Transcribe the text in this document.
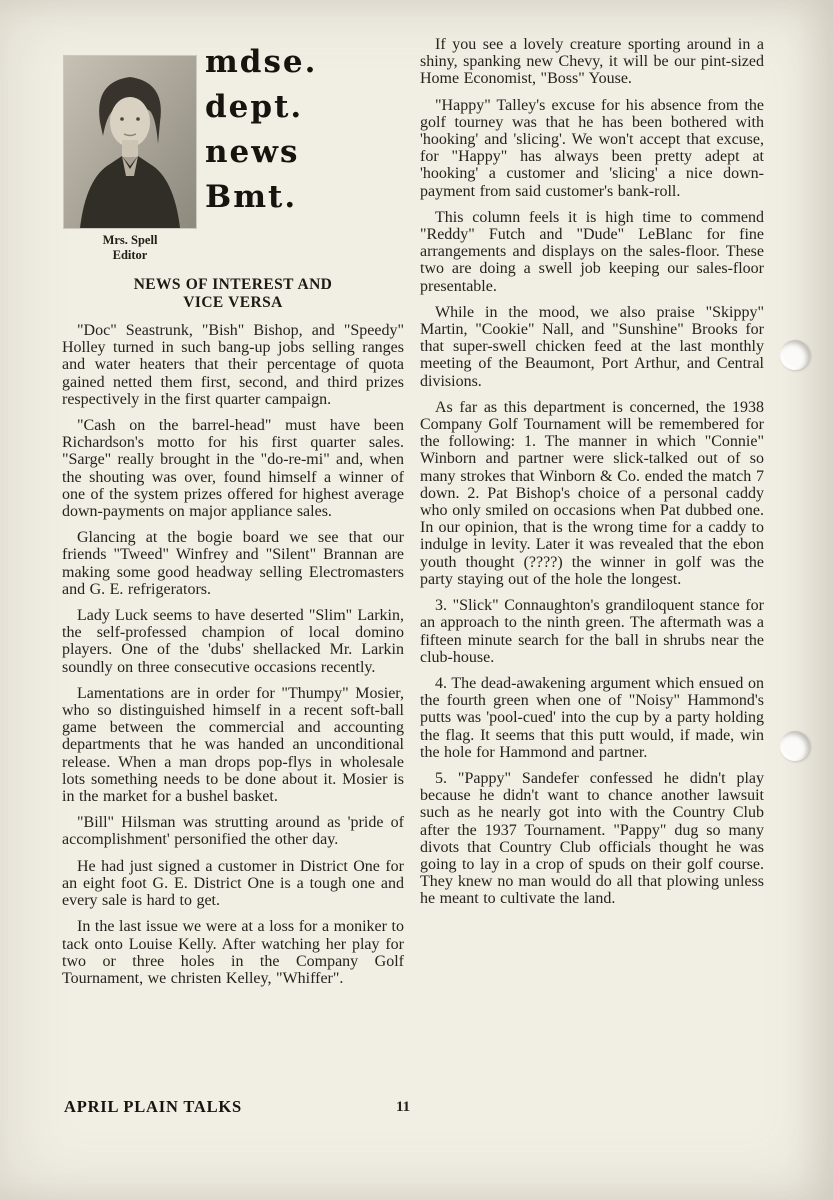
mdse.
dept.
news
Bmt.
Mrs. Spell
Editor
NEWS OF INTEREST AND
VICE VERSA

"Doc" Seastrunk, "Bish" Bishop, and "Speedy" Holley turned in such bang-up jobs selling ranges and water heaters that their percentage of quota gained netted them first, second, and third prizes respectively in the first quarter campaign.

"Cash on the barrel-head" must have been Richardson's motto for his first quarter sales. "Sarge" really brought in the "do-re-mi" and, when the shouting was over, found himself a winner of one of the system prizes offered for highest average down-payments on major appliance sales.

Glancing at the bogie board we see that our friends "Tweed" Winfrey and "Silent" Brannan are making some good headway selling Electromasters and G. E. refrigerators.

Lady Luck seems to have deserted "Slim" Larkin, the self-professed champion of local domino players. One of the 'dubs' shellacked Mr. Larkin soundly on three consecutive occasions recently.

Lamentations are in order for "Thumpy" Mosier, who so distinguished himself in a recent soft-ball game between the commercial and accounting departments that he was handed an unconditional release. When a man drops pop-flys in wholesale lots something needs to be done about it. Mosier is in the market for a bushel basket.

"Bill" Hilsman was strutting around as 'pride of accomplishment' personified the other day.

He had just signed a customer in District One for an eight foot G. E. District One is a tough one and every sale is hard to get.

In the last issue we were at a loss for a moniker to tack onto Louise Kelly. After watching her play for two or three holes in the Company Golf Tournament, we christen Kelley, "Whiffer".

If you see a lovely creature sporting around in a shiny, spanking new Chevy, it will be our pint-sized Home Economist, "Boss" Youse.

"Happy" Talley's excuse for his absence from the golf tourney was that he has been bothered with 'hooking' and 'slicing'. We won't accept that excuse, for "Happy" has always been pretty adept at 'hooking' a customer and 'slicing' a nice down-payment from said customer's bank-roll.

This column feels it is high time to commend "Reddy" Futch and "Dude" LeBlanc for fine arrangements and displays on the sales-floor. These two are doing a swell job keeping our sales-floor presentable.

While in the mood, we also praise "Skippy" Martin, "Cookie" Nall, and "Sunshine" Brooks for that super-swell chicken feed at the last monthly meeting of the Beaumont, Port Arthur, and Central divisions.

As far as this department is concerned, the 1938 Company Golf Tournament will be remembered for the following: 1. The manner in which "Connie" Winborn and partner were slick-talked out of so many strokes that Winborn & Co. ended the match 7 down. 2. Pat Bishop's choice of a personal caddy who only smiled on occasions when Pat dubbed one. In our opinion, that is the wrong time for a caddy to indulge in levity. Later it was revealed that the ebon youth thought (????) the winner in golf was the party staying out of the hole the longest.

3. "Slick" Connaughton's grandiloquent stance for an approach to the ninth green. The aftermath was a fifteen minute search for the ball in shrubs near the club-house.

4. The dead-awakening argument which ensued on the fourth green when one of "Noisy" Hammond's putts was 'pool-cued' into the cup by a party holding the flag. It seems that this putt would, if made, win the hole for Hammond and partner.

5. "Pappy" Sandefer confessed he didn't play because he didn't want to chance another lawsuit such as he nearly got into with the Country Club after the 1937 Tournament. "Pappy" dug so many divots that Country Club officials thought he was going to lay in a crop of spuds on their golf course. They knew no man would do all that plowing unless he meant to cultivate the land.

APRIL PLAIN TALKS	11
